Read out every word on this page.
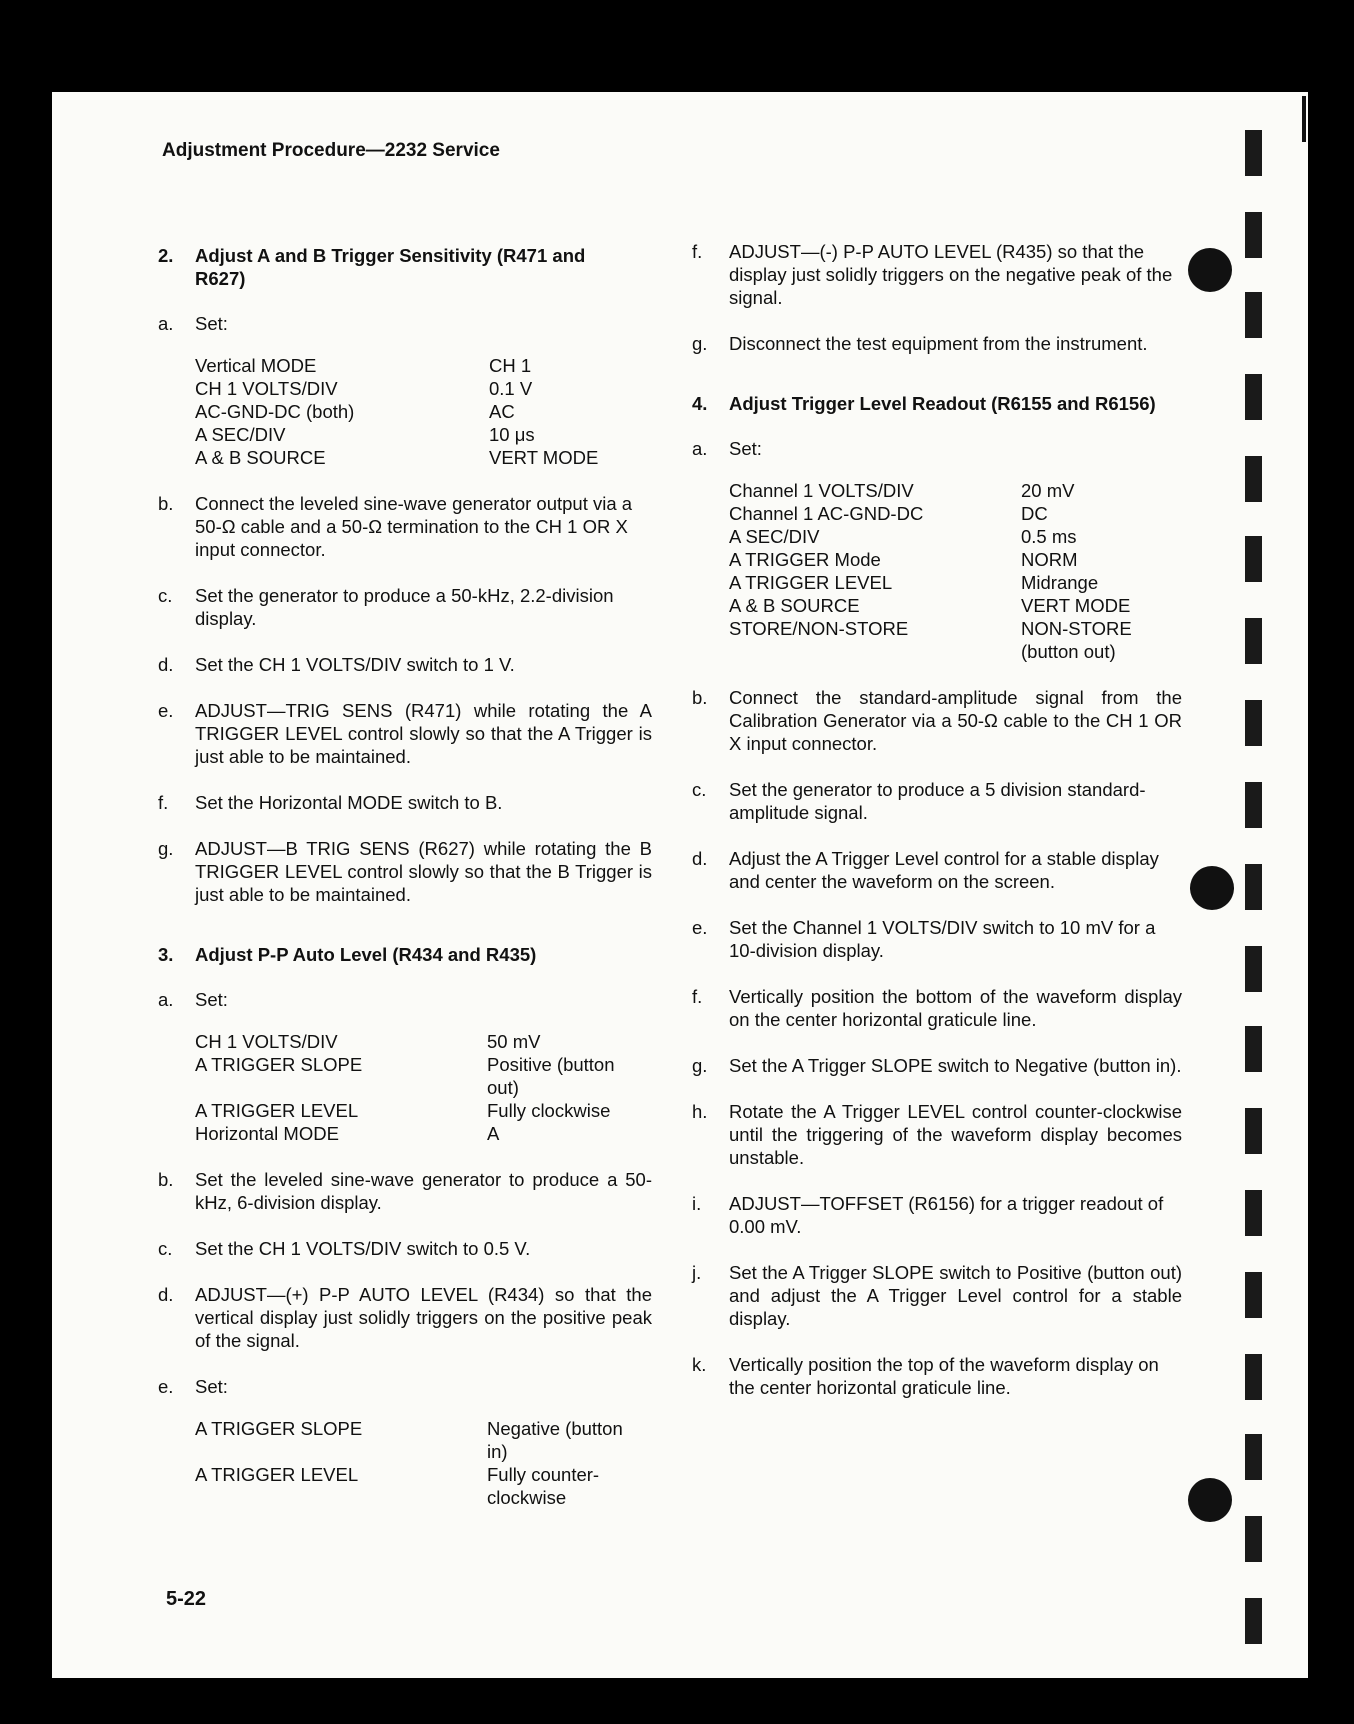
Adjustment Procedure—2232 Service
2.	Adjust A and B Trigger Sensitivity (R471 and R627)
a.	Set:
Vertical MODE	CH 1
CH 1 VOLTS/DIV	0.1 V
AC-GND-DC (both)	AC
A SEC/DIV	10 μs
A & B SOURCE	VERT MODE
b.	Connect the leveled sine-wave generator output via a 50-Ω cable and a 50-Ω termination to the CH 1 OR X input connector.
c.	Set the generator to produce a 50-kHz, 2.2-division display.
d.	Set the CH 1 VOLTS/DIV switch to 1 V.
e.	ADJUST—TRIG SENS (R471) while rotating the A TRIGGER LEVEL control slowly so that the A Trigger is just able to be maintained.
f.	Set the Horizontal MODE switch to B.
g.	ADJUST—B TRIG SENS (R627) while rotating the B TRIGGER LEVEL control slowly so that the B Trigger is just able to be maintained.
3.	Adjust P-P Auto Level (R434 and R435)
a.	Set:
CH 1 VOLTS/DIV	50 mV
A TRIGGER SLOPE	Positive (button out)
A TRIGGER LEVEL	Fully clockwise
Horizontal MODE	A
b.	Set the leveled sine-wave generator to produce a 50-kHz, 6-division display.
c.	Set the CH 1 VOLTS/DIV switch to 0.5 V.
d.	ADJUST—(+) P-P AUTO LEVEL (R434) so that the vertical display just solidly triggers on the positive peak of the signal.
e.	Set:
A TRIGGER SLOPE	Negative (button in)
A TRIGGER LEVEL	Fully counter-clockwise
f.	ADJUST—(-) P-P AUTO LEVEL (R435) so that the display just solidly triggers on the negative peak of the signal.
g.	Disconnect the test equipment from the instrument.
4.	Adjust Trigger Level Readout (R6155 and R6156)
a.	Set:
Channel 1 VOLTS/DIV	20 mV
Channel 1 AC-GND-DC	DC
A SEC/DIV	0.5 ms
A TRIGGER Mode	NORM
A TRIGGER LEVEL	Midrange
A & B SOURCE	VERT MODE
STORE/NON-STORE	NON-STORE (button out)
b.	Connect the standard-amplitude signal from the Calibration Generator via a 50-Ω cable to the CH 1 OR X input connector.
c.	Set the generator to produce a 5 division standard-amplitude signal.
d.	Adjust the A Trigger Level control for a stable display and center the waveform on the screen.
e.	Set the Channel 1 VOLTS/DIV switch to 10 mV for a 10-division display.
f.	Vertically position the bottom of the waveform display on the center horizontal graticule line.
g.	Set the A Trigger SLOPE switch to Negative (button in).
h.	Rotate the A Trigger LEVEL control counter-clockwise until the triggering of the waveform display becomes unstable.
i.	ADJUST—TOFFSET (R6156) for a trigger readout of 0.00 mV.
j.	Set the A Trigger SLOPE switch to Positive (button out) and adjust the A Trigger Level control for a stable display.
k.	Vertically position the top of the waveform display on the center horizontal graticule line.
5-22
